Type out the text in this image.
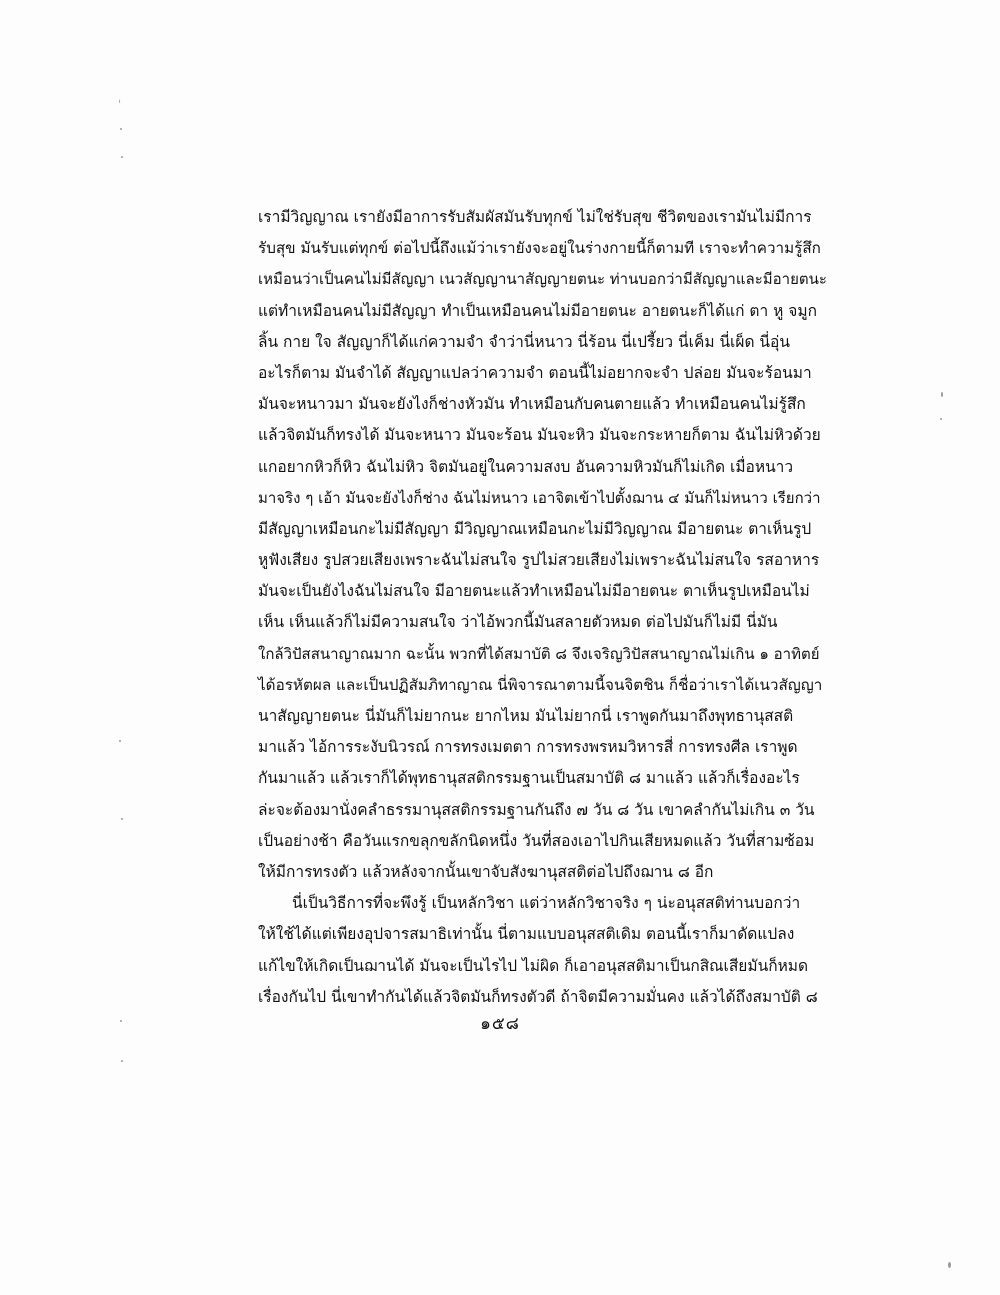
ˈ
เรามีวิญญาณ เรายังมีอาการรับสัมผัสมันรับทุกข์ ไม่ใช่รับสุข ชีวิตของเรามันไม่มีการ
รับสุข มันรับแต่ทุกข์ ต่อไปนี้ถึงแม้ว่าเรายังจะอยู่ในร่างกายนี้ก็ตามที เราจะทำความรู้สึก
เหมือนว่าเป็นคนไม่มีสัญญา เนวสัญญานาสัญญายตนะ ท่านบอกว่ามีสัญญาและมีอายตนะ
แต่ทำเหมือนคนไม่มีสัญญา ทำเป็นเหมือนคนไม่มีอายตนะ อายตนะก็ได้แก่ ตา หู จมูก
ลิ้น กาย ใจ สัญญาก็ได้แก่ความจำ จำว่านี่หนาว นี่ร้อน นี่เปรี้ยว นี่เค็ม นี่เผ็ด นี่อุ่น
อะไรก็ตาม มันจำได้ สัญญาแปลว่าความจำ ตอนนี้ไม่อยากจะจำ ปล่อย มันจะร้อนมา
มันจะหนาวมา มันจะยังไงก็ช่างหัวมัน ทำเหมือนกับคนตายแล้ว ทำเหมือนคนไม่รู้สึก
แล้วจิตมันก็ทรงได้ มันจะหนาว มันจะร้อน มันจะหิว มันจะกระหายก็ตาม ฉันไม่หิวด้วย
แกอยากหิวก็หิว ฉันไม่หิว จิตมันอยู่ในความสงบ อันความหิวมันก็ไม่เกิด เมื่อหนาว
มาจริง ๆ เอ้า มันจะยังไงก็ช่าง ฉันไม่หนาว เอาจิตเข้าไปตั้งฌาน ๔ มันก็ไม่หนาว เรียกว่า
มีสัญญาเหมือนกะไม่มีสัญญา มีวิญญาณเหมือนกะไม่มีวิญญาณ มีอายตนะ ตาเห็นรูป
หูฟังเสียง รูปสวยเสียงเพราะฉันไม่สนใจ รูปไม่สวยเสียงไม่เพราะฉันไม่สนใจ รสอาหาร
มันจะเป็นยังไงฉันไม่สนใจ มีอายตนะแล้วทำเหมือนไม่มีอายตนะ ตาเห็นรูปเหมือนไม่
เห็น เห็นแล้วก็ไม่มีความสนใจ ว่าไอ้พวกนี้มันสลายตัวหมด ต่อไปมันก็ไม่มี นี่มัน
ใกล้วิปัสสนาญาณมาก ฉะนั้น พวกที่ได้สมาบัติ ๘ จึงเจริญวิปัสสนาญาณไม่เกิน ๑ อาทิตย์
ได้อรหัตผล และเป็นปฏิสัมภิทาญาณ นี่พิจารณาตามนี้จนจิตชิน ก็ชื่อว่าเราได้เนวสัญญา
นาสัญญายตนะ นี่มันก็ไม่ยากนะ ยากไหม มันไม่ยากนี่ เราพูดกันมาถึงพุทธานุสสติ
มาแล้ว ไอ้การระงับนิวรณ์ การทรงเมตตา การทรงพรหมวิหารสี่ การทรงศีล เราพูด
กันมาแล้ว แล้วเราก็ได้พุทธานุสสติกรรมฐานเป็นสมาบัติ ๘ มาแล้ว แล้วก็เรื่องอะไร
ล่ะจะต้องมานั่งคลำธรรมานุสสติกรรมฐานกันถึง ๗ วัน ๘ วัน เขาคลำกันไม่เกิน ๓ วัน
เป็นอย่างช้า คือวันแรกขลุกขลักนิดหนึ่ง วันที่สองเอาไปกินเสียหมดแล้ว วันที่สามซ้อม
ให้มีการทรงตัว แล้วหลังจากนั้นเขาจับสังฆานุสสติต่อไปถึงฌาน ๘ อีก
นี่เป็นวิธีการที่จะพึงรู้ เป็นหลักวิชา แต่ว่าหลักวิชาจริง ๆ น่ะอนุสสติท่านบอกว่า
ให้ใช้ได้แต่เพียงอุปจารสมาธิเท่านั้น นี่ตามแบบอนุสสติเดิม ตอนนี้เราก็มาดัดแปลง
แก้ไขให้เกิดเป็นฌานได้ มันจะเป็นไรไป ไม่ผิด ก็เอาอนุสสติมาเป็นกสิณเสียมันก็หมด
เรื่องกันไป นี่เขาทำกันได้แล้วจิตมันก็ทรงตัวดี ถ้าจิตมีความมั่นคง แล้วได้ถึงสมาบัติ ๘
๑๕๘
